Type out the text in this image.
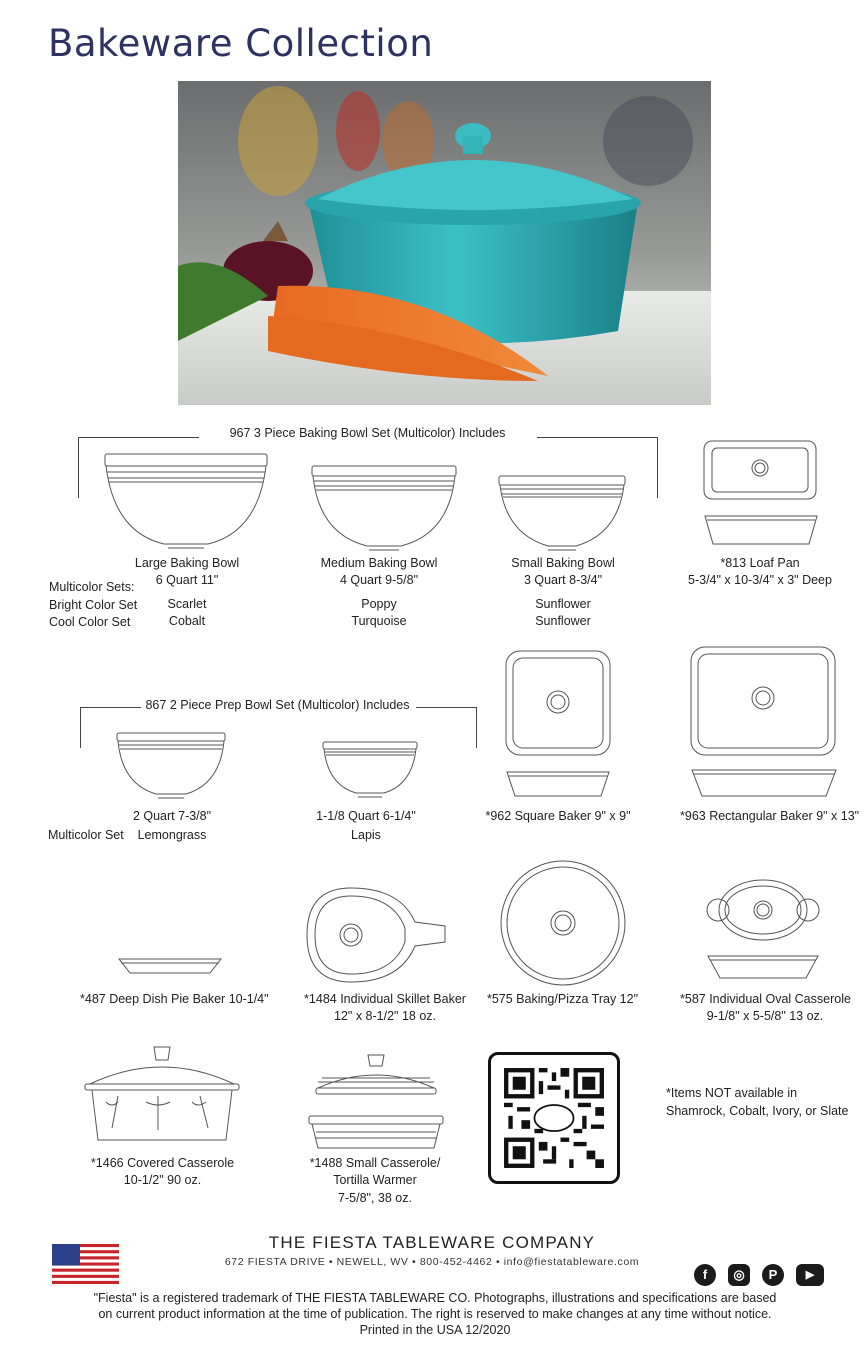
Bakeware Collection
967 3 Piece Baking Bowl Set (Multicolor) Includes
Large Baking Bowl
6 Quart 11"
Scarlet
Cobalt
Medium Baking Bowl
4 Quart 9-5/8"
Poppy
Turquoise
Small Baking Bowl
3 Quart 8-3/4"
Sunflower
Sunflower
Multicolor Sets:
Bright Color Set
Cool Color Set
*813 Loaf Pan
5-3/4" x 10-3/4" x 3" Deep
867 2 Piece Prep Bowl Set (Multicolor) Includes
2 Quart 7-3/8"
Lemongrass
1-1/8 Quart 6-1/4"
Lapis
Multicolor Set
*962 Square Baker 9" x 9"	*963 Rectangular Baker 9" x 13"
*487 Deep Dish Pie Baker 10-1/4"	*1484 Individual Skillet Baker
12" x 8-1/2" 18 oz.
*575 Baking/Pizza Tray 12"	*587 Individual Oval Casserole
9-1/8" x 5-5/8" 13 oz.
*1466 Covered Casserole
10-1/2" 90 oz.
*1488 Small Casserole/
Tortilla Warmer
7-5/8", 38 oz.
*Items NOT available in
Shamrock, Cobalt, Ivory, or Slate
THE FIESTA TABLEWARE COMPANY
672 FIESTA DRIVE • NEWELL, WV • 800-452-4462 • info@fiestatableware.com
f	◎	P	▶
"Fiesta" is a registered trademark of THE FIESTA TABLEWARE CO. Photographs, illustrations and specifications are based
on current product information at the time of publication. The right is reserved to make changes at any time without notice.
Printed in the USA 12/2020
